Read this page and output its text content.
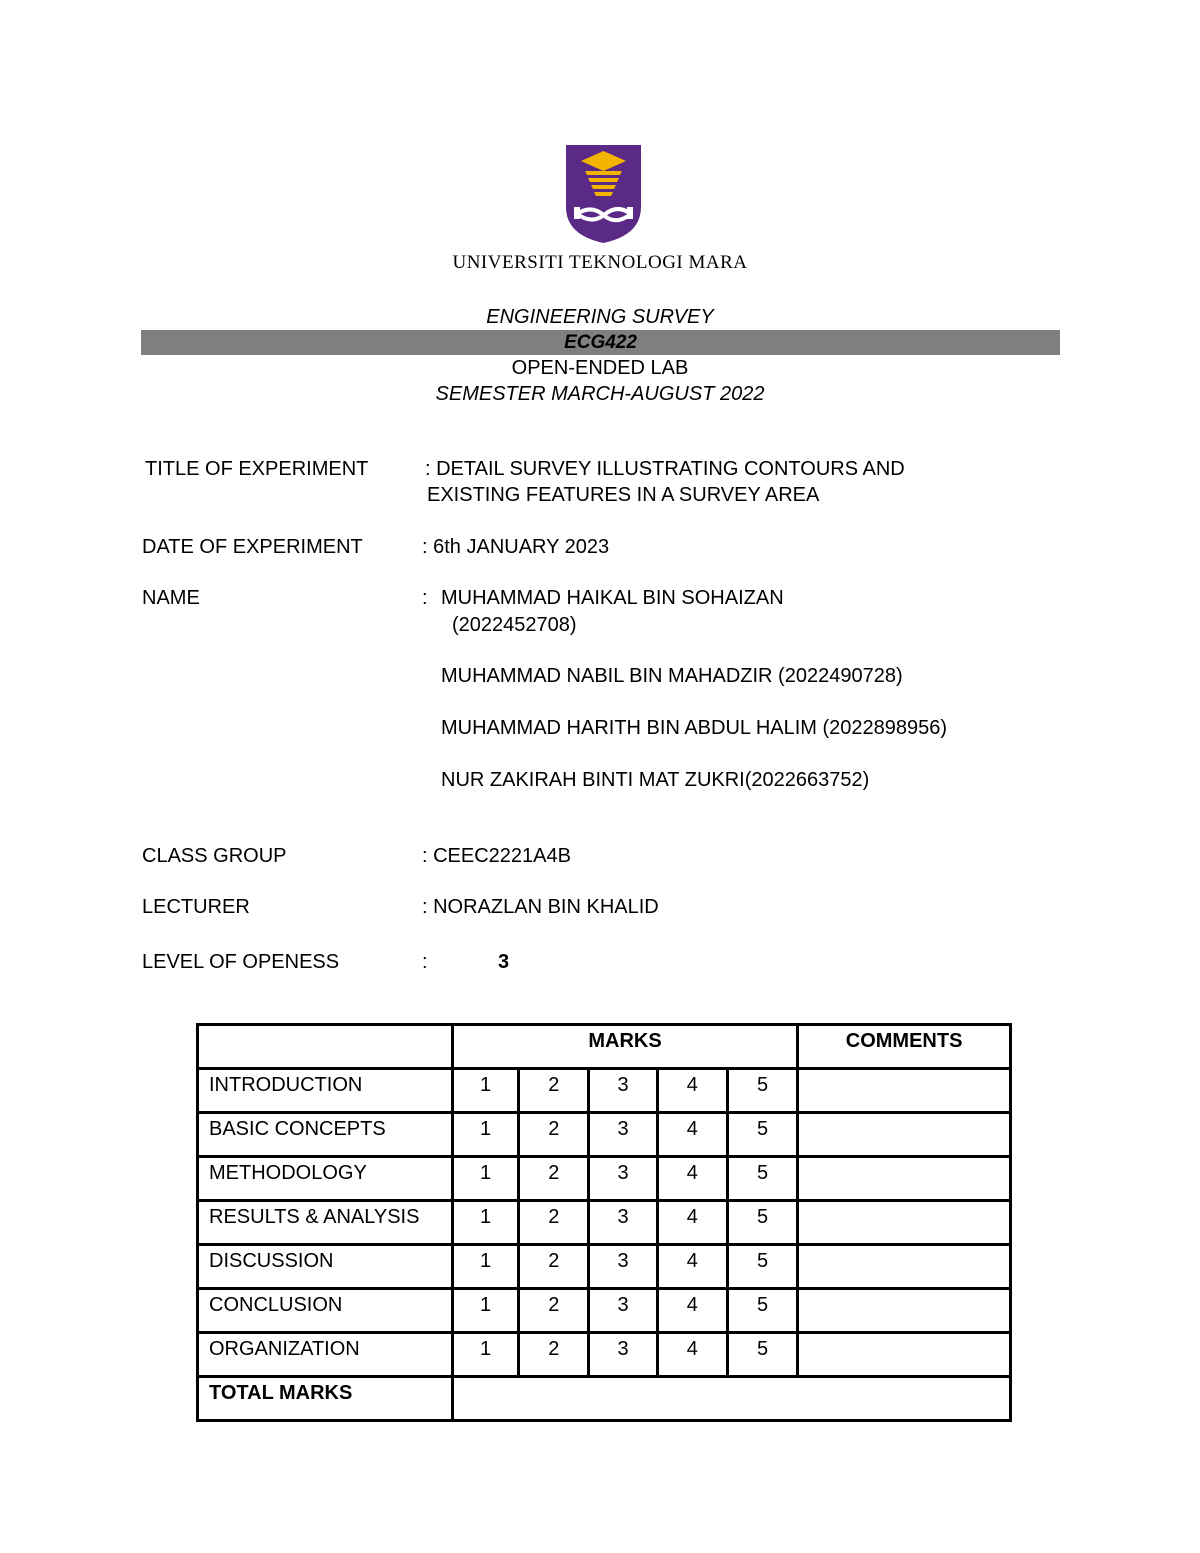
UNIVERSITI TEKNOLOGI MARA
ENGINEERING SURVEY
ECG422
OPEN-ENDED LAB
SEMESTER MARCH-AUGUST 2022
TITLE OF EXPERIMENT	: DETAIL SURVEY ILLUSTRATING CONTOURS AND
EXISTING FEATURES IN A SURVEY AREA
DATE OF EXPERIMENT	: 6th JANUARY 2023
NAME	: MUHAMMAD HAIKAL BIN SOHAIZAN
(2022452708)
MUHAMMAD NABIL BIN MAHADZIR (2022490728)
MUHAMMAD HARITH BIN ABDUL HALIM (2022898956)
NUR ZAKIRAH BINTI MAT ZUKRI(2022663752)
CLASS GROUP	: CEEC2221A4B
LECTURER	: NORAZLAN BIN KHALID
LEVEL OF OPENESS	:	3
	MARKS					COMMENTS
INTRODUCTION	1	2	3	4	5	
BASIC CONCEPTS	1	2	3	4	5	
METHODOLOGY	1	2	3	4	5	
RESULTS & ANALYSIS	1	2	3	4	5	
DISCUSSION	1	2	3	4	5	
CONCLUSION	1	2	3	4	5	
ORGANIZATION	1	2	3	4	5	
TOTAL MARKS						
